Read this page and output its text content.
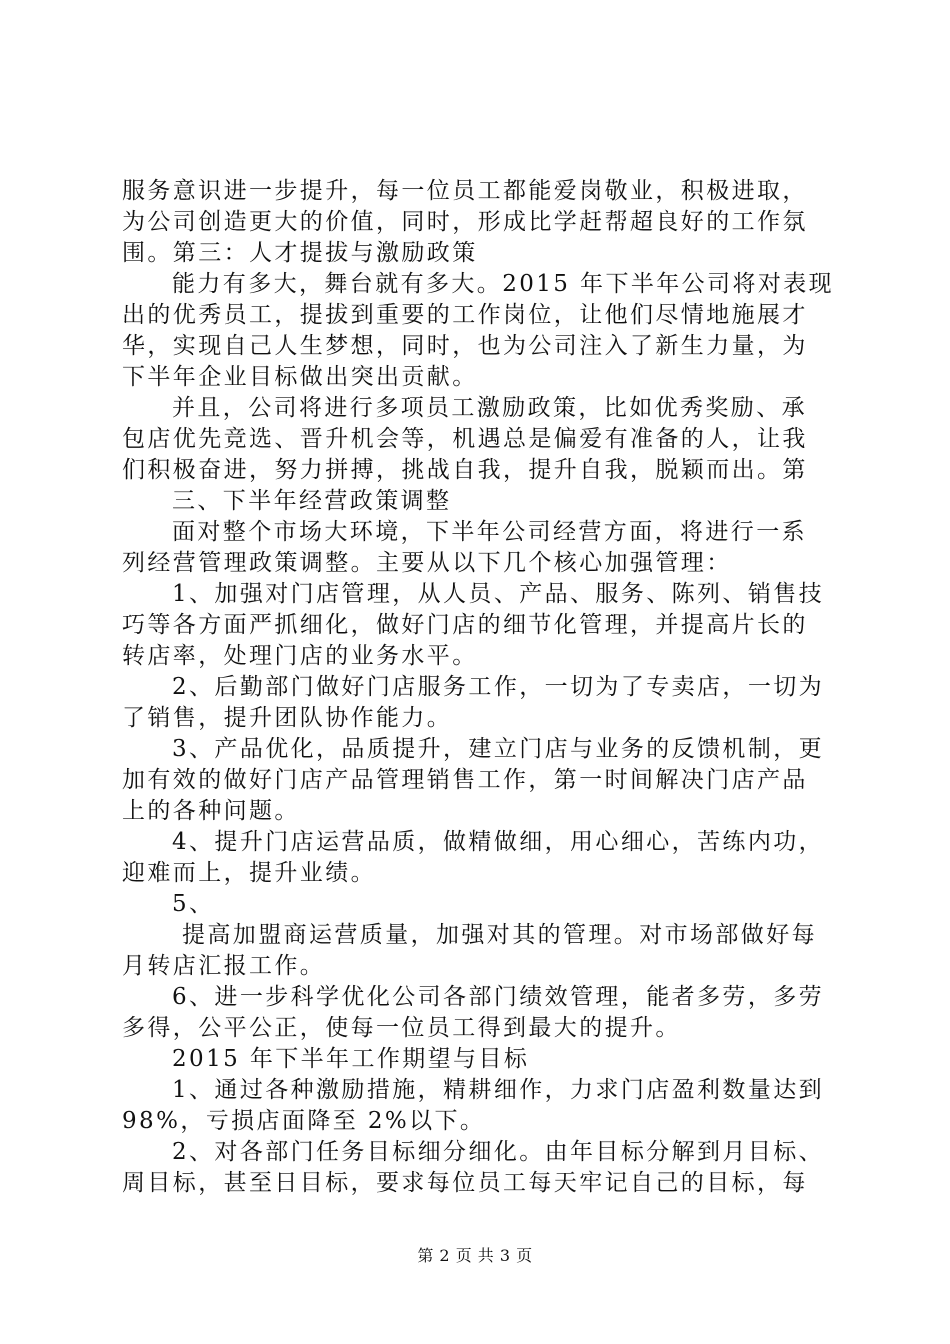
服务意识进一步提升，每一位员工都能爱岗敬业，积极进取，
为公司创造更大的价值，同时，形成比学赶帮超良好的工作氛
围。第三：人才提拔与激励政策
能力有多大，舞台就有多大。2015 年下半年公司将对表现
出的优秀员工，提拔到重要的工作岗位，让他们尽情地施展才
华，实现自己人生梦想，同时，也为公司注入了新生力量，为
下半年企业目标做出突出贡献。
并且，公司将进行多项员工激励政策，比如优秀奖励、承
包店优先竞选、晋升机会等，机遇总是偏爱有准备的人，让我
们积极奋进，努力拼搏，挑战自我，提升自我，脱颖而出。第
三、下半年经营政策调整
面对整个市场大环境，下半年公司经营方面，将进行一系
列经营管理政策调整。主要从以下几个核心加强管理：
1、加强对门店管理，从人员、产品、服务、陈列、销售技
巧等各方面严抓细化，做好门店的细节化管理，并提高片长的
转店率，处理门店的业务水平。
2、后勤部门做好门店服务工作，一切为了专卖店，一切为
了销售，提升团队协作能力。
3、产品优化，品质提升，建立门店与业务的反馈机制，更
加有效的做好门店产品管理销售工作，第一时间解决门店产品
上的各种问题。
4、提升门店运营品质，做精做细，用心细心，苦练内功，
迎难而上，提升业绩。
5、
提高加盟商运营质量，加强对其的管理。对市场部做好每
月转店汇报工作。
6、进一步科学优化公司各部门绩效管理，能者多劳，多劳
多得，公平公正，使每一位员工得到最大的提升。
2015 年下半年工作期望与目标
1、通过各种激励措施，精耕细作，力求门店盈利数量达到
98%，亏损店面降至 2%以下。
2、对各部门任务目标细分细化。由年目标分解到月目标、
周目标，甚至日目标，要求每位员工每天牢记自己的目标，每
第 2 页 共 3 页
